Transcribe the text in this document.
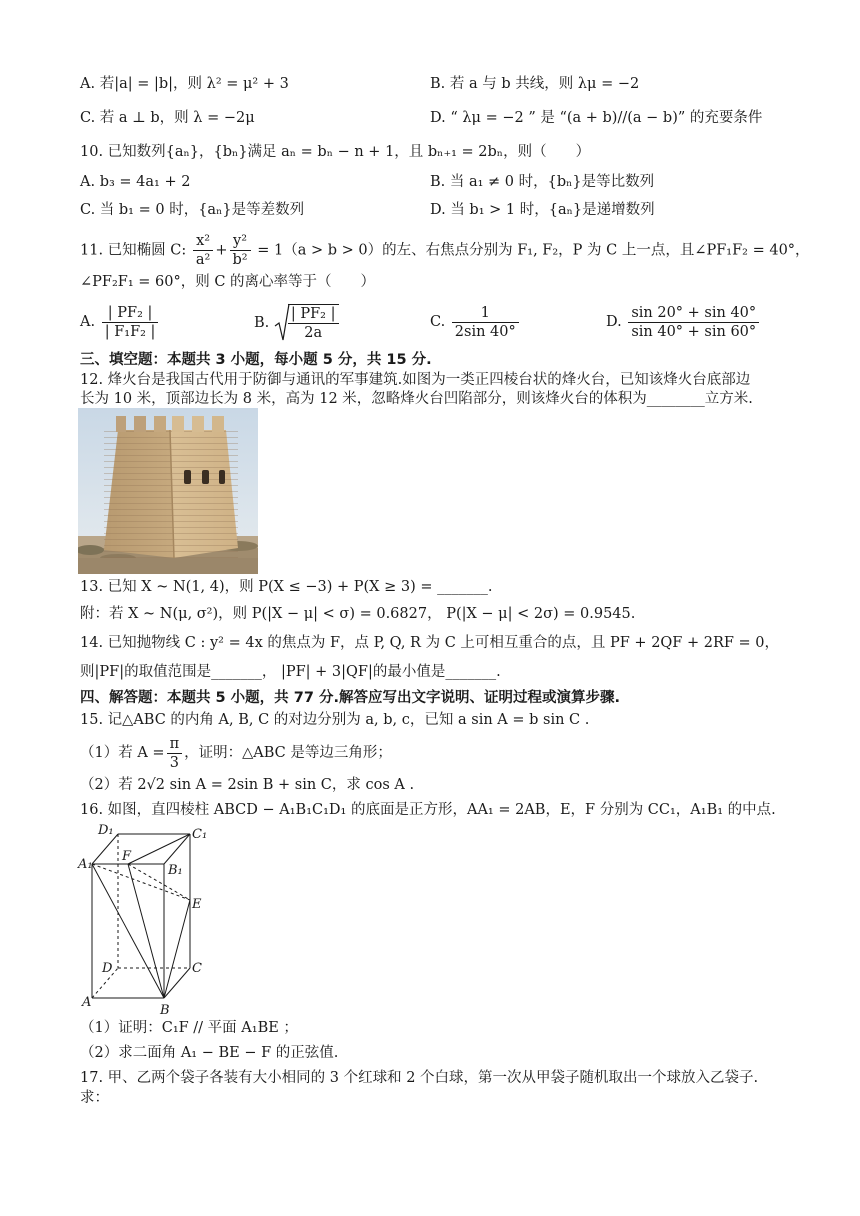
A. 若|a| = |b|，则 λ² = μ² + 3	B. 若 a 与 b 共线，则 λμ = −2
C. 若 a ⊥ b，则 λ = −2μ	D. “ λμ = −2 ” 是 “(a + b)//(a − b)” 的充要条件
10. 已知数列{aₙ}，{bₙ}满足 aₙ = bₙ − n + 1，且 bₙ₊₁ = 2bₙ，则（　　）
A. b₃ = 4a₁ + 2	B. 当 a₁ ≠ 0 时，{bₙ}是等比数列
C. 当 b₁ = 0 时，{aₙ}是等差数列	D. 当 b₁ > 1 时，{aₙ}是递增数列
11. 已知椭圆 C: $\frac{\text{x²}}{\text{a²}} + \frac{\text{y²}}{\text{b²}} = 1(a > b > 0)$的左、右焦点分别为 F₁, F₂，P 为 C 上一点，且∠PF₁F₂ = 40°，
∠PF₂F₁ = 60°，则 C 的离心率等于（　　）
A. $\frac{\text{| PF₂ |}}{\text{| F₁F₂ |}}$	B. $\frac{\text{| PF₂ |}}{2a}$	C. $\frac{1}{2\sin 40^\circ}$	D. $\frac{\sin 20^\circ + \sin 40^\circ}{\sin 40^\circ + \sin 60^\circ}$
三、填空题：本题共 3 小题，每小题 5 分，共 15 分.
12. 烽火台是我国古代用于防御与通讯的军事建筑.如图为一类正四棱台状的烽火台，已知该烽火台底部边
长为 10 米，顶部边长为 8 米，高为 12 米，忽略烽火台凹陷部分，则该烽火台的体积为________立方米.
13. 已知 X ~ N(1, 4)，则 P(X ≤ −3) + P(X ≥ 3) = _______.
附：若 X ~ N(μ, σ²)，则 P(|X − μ| < σ) = 0.6827， P(|X − μ| < 2σ) = 0.9545.
14. 已知抛物线 C : y² = 4x 的焦点为 F，点 P, Q, R 为 C 上可相互重合的点，且 PF + 2QF + 2RF = 0，
则|PF|的取值范围是_______， |PF| + 3|QF|的最小值是_______.
四、解答题：本题共 5 小题，共 77 分.解答应写出文字说明、证明过程或演算步骤.
15. 记△ABC 的内角 A, B, C 的对边分别为 a, b, c，已知 a sin A = b sin C .
（1）若 $A = \frac{\pi}{3}$ ，证明：△ABC 是等边三角形；
（2）若 2√2 sin A = 2sin B + sin C，求 cos A .
16. 如图，直四棱柱 ABCD − A₁B₁C₁D₁ 的底面是正方形，AA₁ = 2AB，E，F 分别为 CC₁，A₁B₁ 的中点.
D₁	C₁
A₁
F
B₁
E
D	C
A
B
（1）证明：C₁F // 平面 A₁BE ；
（2）求二面角 A₁ − BE − F 的正弦值.
17. 甲、乙两个袋子各装有大小相同的 3 个红球和 2 个白球，第一次从甲袋子随机取出一个球放入乙袋子.
求：
